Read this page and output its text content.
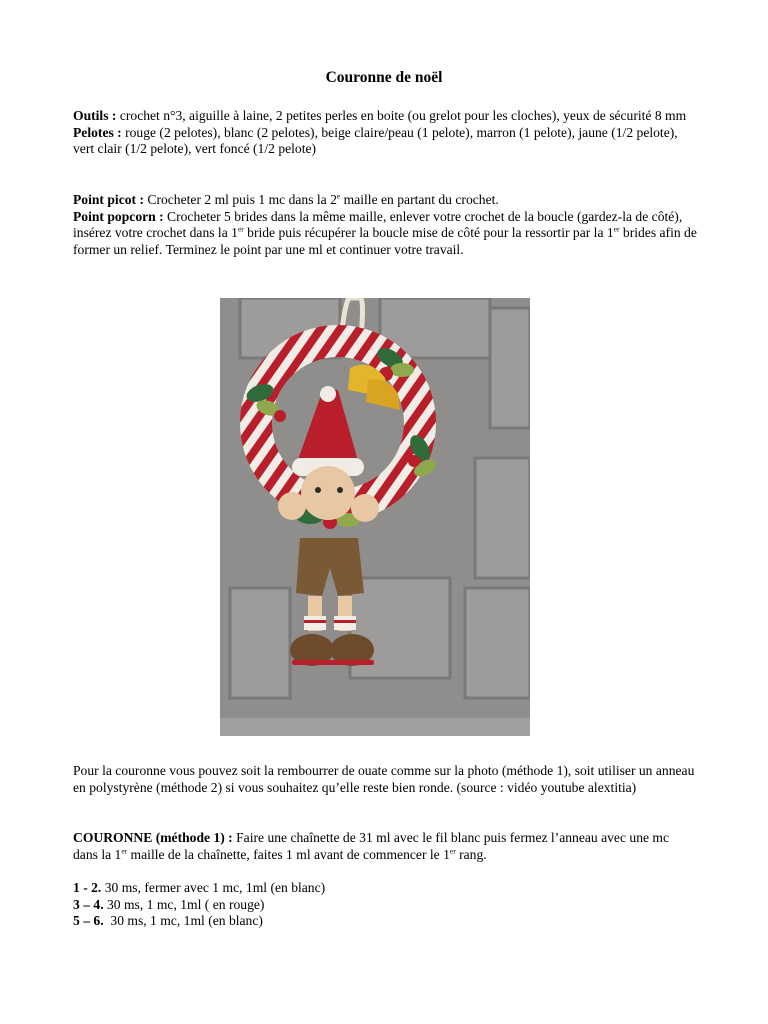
Couronne de noël

Outils : crochet n°3, aiguille à laine, 2 petites perles en boite (ou grelot pour les cloches), yeux de sécurité 8 mm

Pelotes : rouge (2 pelotes), blanc (2 pelotes), beige claire/peau (1 pelote), marron (1 pelote), jaune (1/2 pelote), vert clair (1/2 pelote), vert foncé (1/2 pelote)

Point picot : Crocheter 2 ml puis 1 mc dans la 2e maille en partant du crochet.

Point popcorn : Crocheter 5 brides dans la même maille, enlever votre crochet de la boucle (gardez-la de côté), insérez votre crochet dans la 1er bride puis récupérer la boucle mise de côté pour la ressortir par la 1er brides afin de former un relief. Terminez le point par une ml et continuer votre travail.

Pour la couronne vous pouvez soit la rembourrer de ouate comme sur la photo (méthode 1), soit utiliser un anneau en polystyrène (méthode 2) si vous souhaitez qu’elle reste bien ronde. (source : vidéo youtube alextitia)

COURONNE (méthode 1) : Faire une chaînette de 31 ml avec le fil blanc puis fermez l’anneau avec une mc dans la 1er maille de la chaînette, faites 1 ml avant de commencer le 1er rang.

1 - 2. 30 ms, fermer avec 1 mc, 1ml (en blanc)

3 – 4. 30 ms, 1 mc, 1ml ( en rouge)

5 – 6.  30 ms, 1 mc, 1ml (en blanc)
